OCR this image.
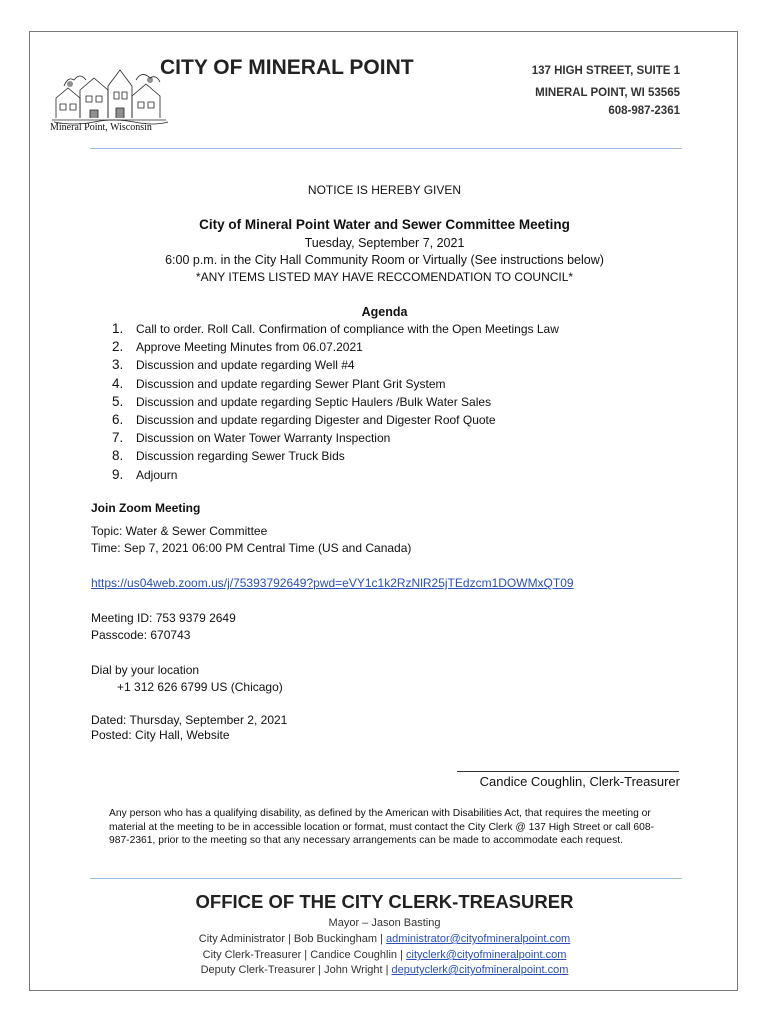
Mineral Point, Wisconsin
CITY OF MINERAL POINT	137 HIGH STREET, SUITE 1
MINERAL POINT, WI 53565
608-987-2361
NOTICE IS HEREBY GIVEN
City of Mineral Point Water and Sewer Committee Meeting
Tuesday, September 7, 2021
6:00 p.m. in the City Hall Community Room or Virtually (See instructions below)
*ANY ITEMS LISTED MAY HAVE RECCOMENDATION TO COUNCIL*
Agenda
1. Call to order. Roll Call. Confirmation of compliance with the Open Meetings Law
2. Approve Meeting Minutes from 06.07.2021
3. Discussion and update regarding Well #4
4. Discussion and update regarding Sewer Plant Grit System
5. Discussion and update regarding Septic Haulers /Bulk Water Sales
6. Discussion and update regarding Digester and Digester Roof Quote
7. Discussion on Water Tower Warranty Inspection
8. Discussion regarding Sewer Truck Bids
9. Adjourn
Join Zoom Meeting
Topic: Water & Sewer Committee
Time: Sep 7, 2021 06:00 PM Central Time (US and Canada)
https://us04web.zoom.us/j/75393792649?pwd=eVY1c1k2RzNlR25jTEdzcm1DOWMxQT09
Meeting ID: 753 9379 2649
Passcode: 670743
Dial by your location
+1 312 626 6799 US (Chicago)
Dated: Thursday, September 2, 2021
Posted: City Hall, Website
Candice Coughlin, Clerk-Treasurer
Any person who has a qualifying disability, as defined by the American with Disabilities Act, that requires the meeting or material at the meeting to be in accessible location or format, must contact the City Clerk @ 137 High Street or call 608-987-2361, prior to the meeting so that any necessary arrangements can be made to accommodate each request.
OFFICE OF THE CITY CLERK-TREASURER
Mayor – Jason Basting
City Administrator | Bob Buckingham | administrator@cityofmineralpoint.com
City Clerk-Treasurer | Candice Coughlin | cityclerk@cityofmineralpoint.com
Deputy Clerk-Treasurer | John Wright | deputyclerk@cityofmineralpoint.com
